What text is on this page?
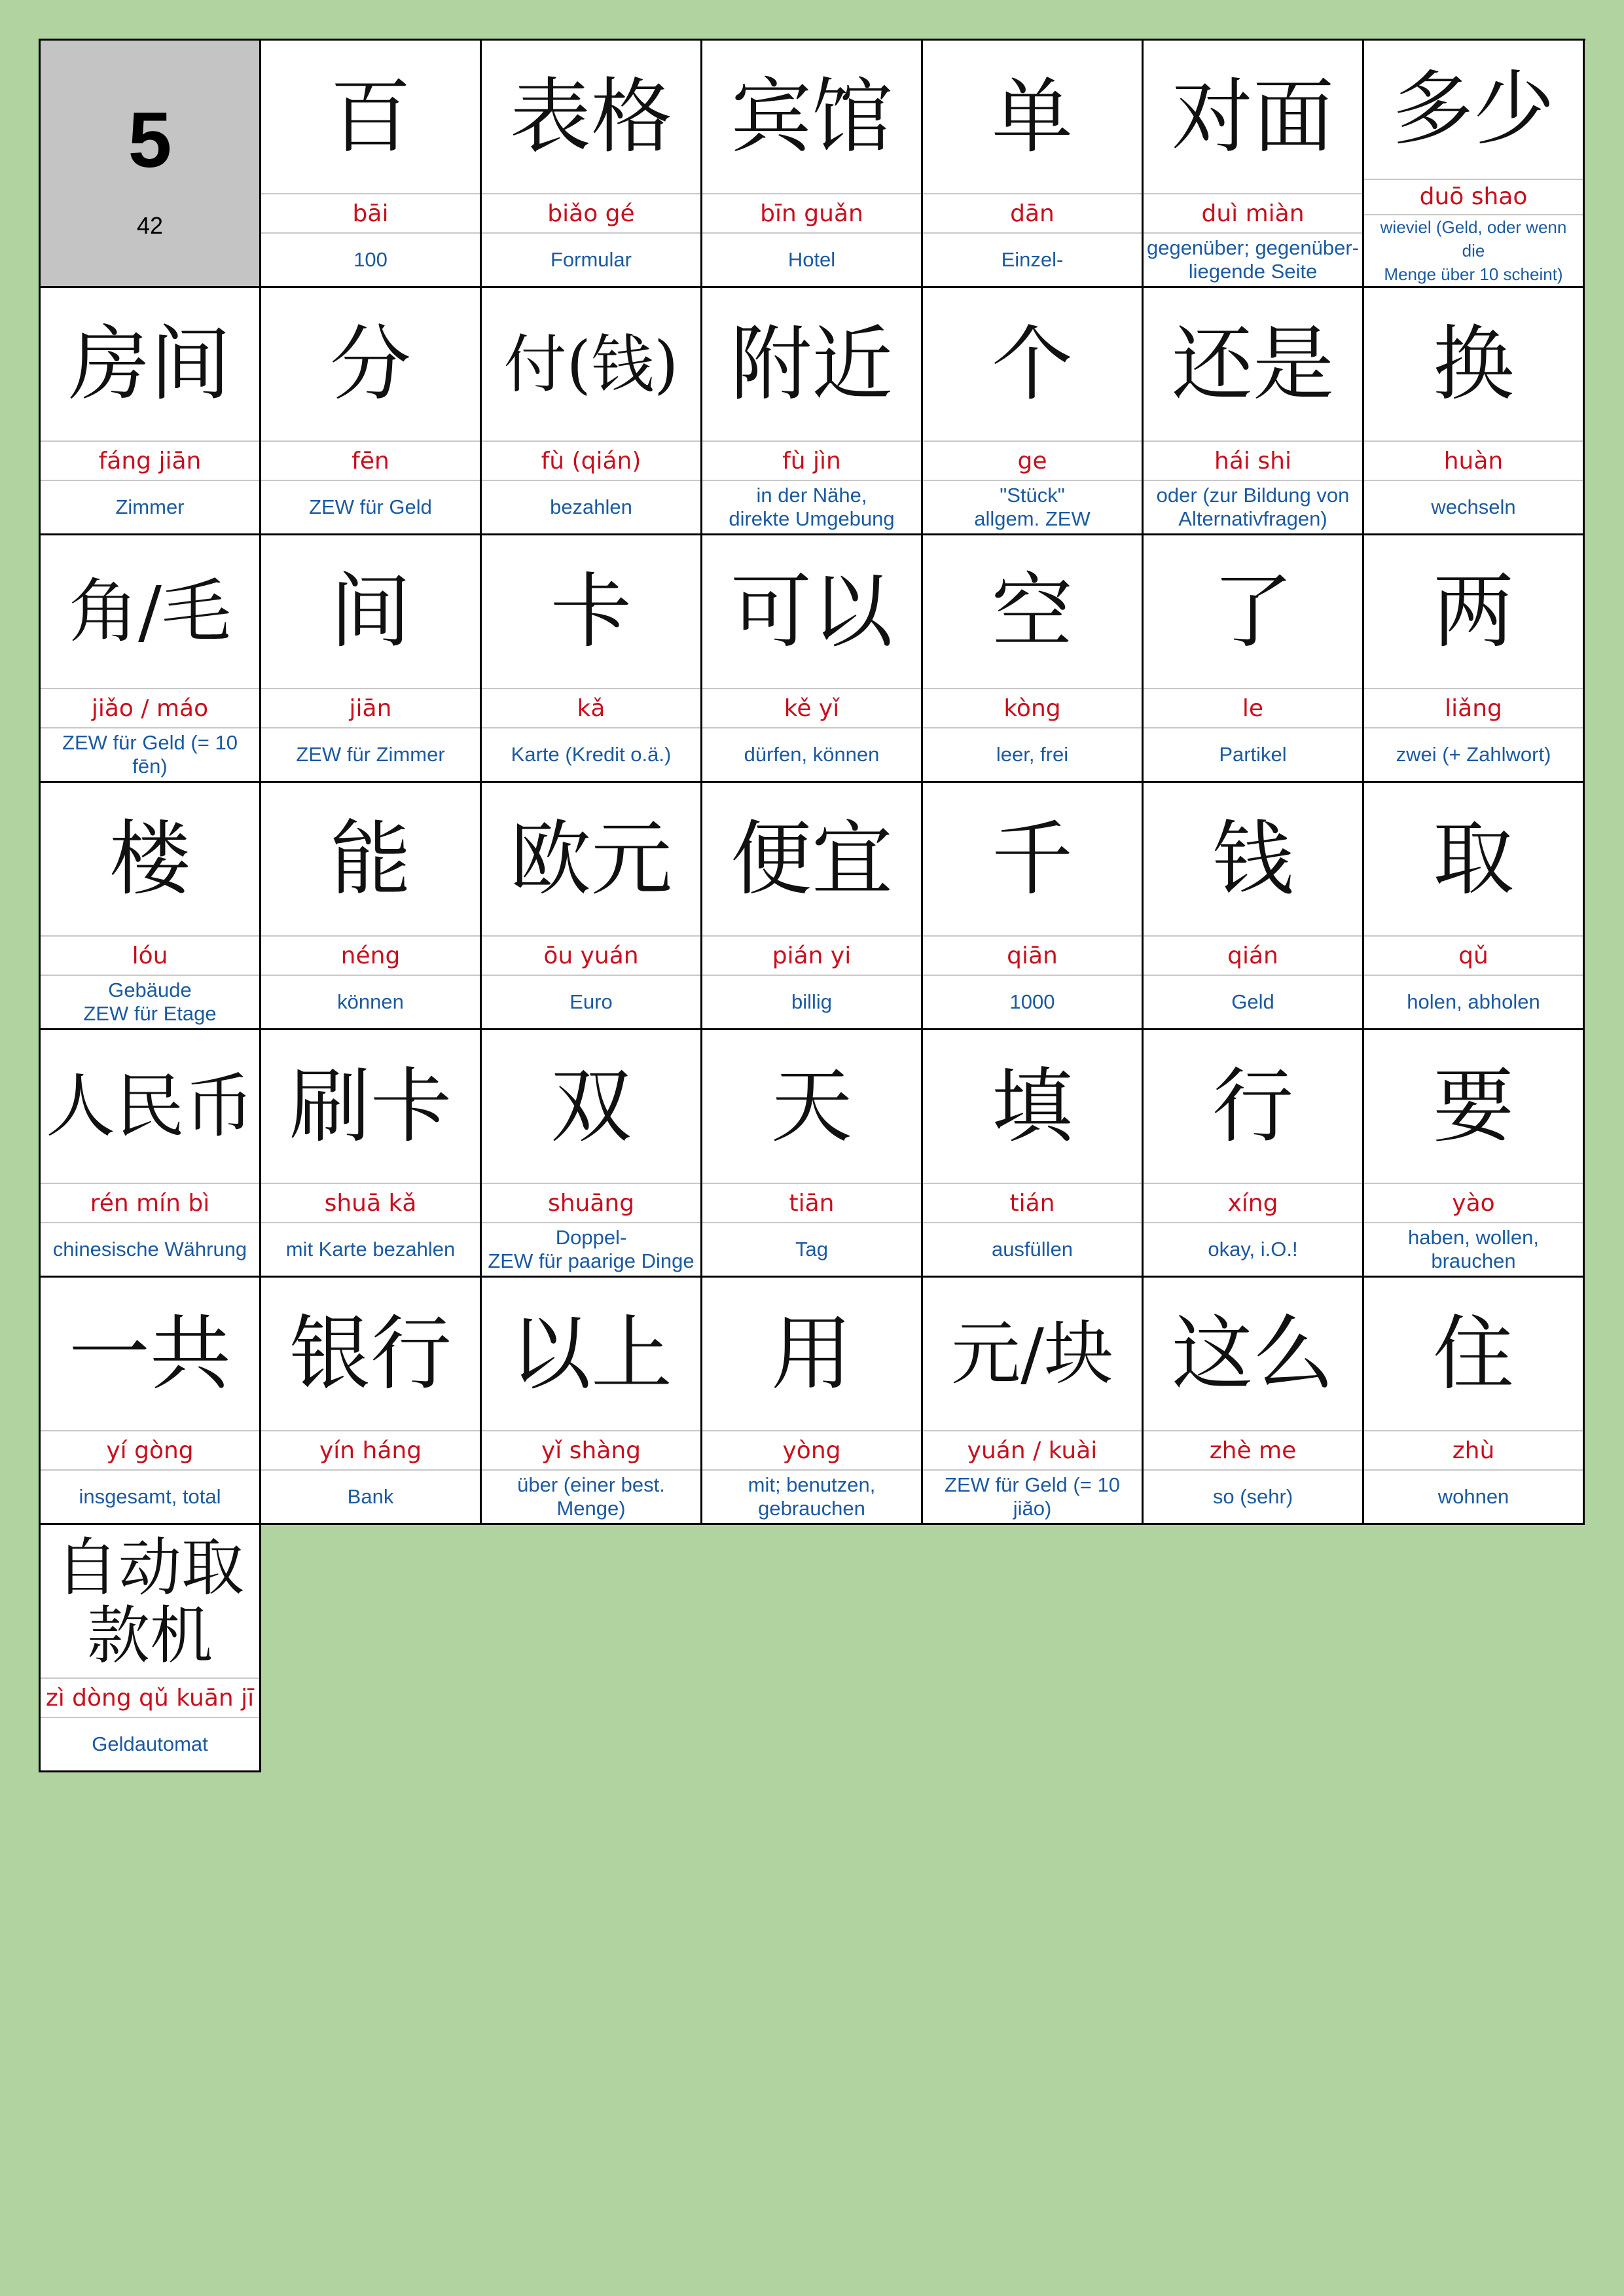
5
42
百
bāi
100
表格
biǎo gé
Formular
宾馆
bīn guǎn
Hotel
单
dān
Einzel-
对面
duì miàn
gegenüber; gegenüber-
liegende Seite
多少
duō shao
wieviel (Geld, oder wenn die
Menge über 10 scheint)
房间
fáng jiān
Zimmer
分
fēn
ZEW für Geld
付(钱)
fù (qián)
bezahlen
附近
fù jìn
in der Nähe,
direkte Umgebung
个
ge
"Stück"
allgem. ZEW
还是
hái shi
oder (zur Bildung von
Alternativfragen)
换
huàn
wechseln
角/毛
jiǎo / máo
ZEW für Geld (= 10 fēn)
间
jiān
ZEW für Zimmer
卡
kǎ
Karte (Kredit o.ä.)
可以
kě yǐ
dürfen, können
空
kòng
leer, frei
了
le
Partikel
两
liǎng
zwei (+ Zahlwort)
楼
lóu
Gebäude
ZEW für Etage
能
néng
können
欧元
ōu yuán
Euro
便宜
pián yi
billig
千
qiān
1000
钱
qián
Geld
取
qǔ
holen, abholen
人民币
rén mín bì
chinesische Währung
刷卡
shuā kǎ
mit Karte bezahlen
双
shuāng
Doppel-
ZEW für paarige Dinge
天
tiān
Tag
填
tián
ausfüllen
行
xíng
okay, i.O.!
要
yào
haben, wollen,
brauchen
一共
yí gòng
insgesamt, total
银行
yín háng
Bank
以上
yǐ shàng
über (einer best.
Menge)
用
yòng
mit; benutzen,
gebrauchen
元/块
yuán / kuài
ZEW für Geld (= 10 jiǎo)
这么
zhè me
so (sehr)
住
zhù
wohnen
自动取款机
zì dòng qǔ kuān jī
Geldautomat
